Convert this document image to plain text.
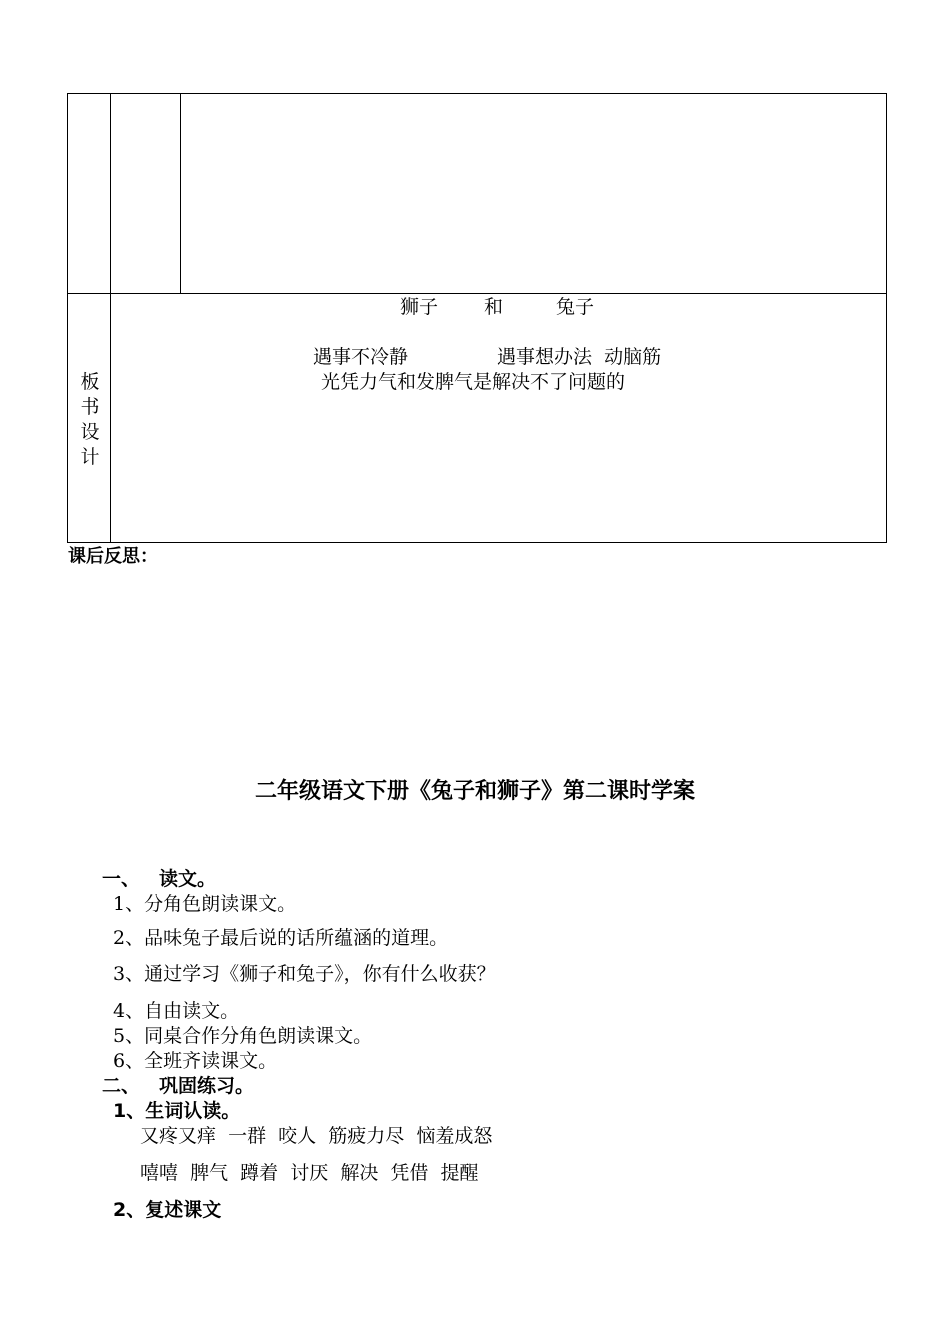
板
书
设
计
狮子 和	兔子
遇事不冷静	遇事想办法  动脑筋
光凭力气和发脾气是解决不了问题的
课后反思：
二年级语文下册《兔子和狮子》第二课时学案
一、 读文。
1、分角色朗读课文。
2、品味兔子最后说的话所蕴涵的道理。
3、通过学习《狮子和兔子》，你有什么收获？
4、自由读文。
5、同桌合作分角色朗读课文。
6、全班齐读课文。
二、 巩固练习。
1、生词认读。
又疼又痒  一群  咬人  筋疲力尽  恼羞成怒
嘻嘻  脾气  蹲着  讨厌  解决  凭借  提醒
2、复述课文
